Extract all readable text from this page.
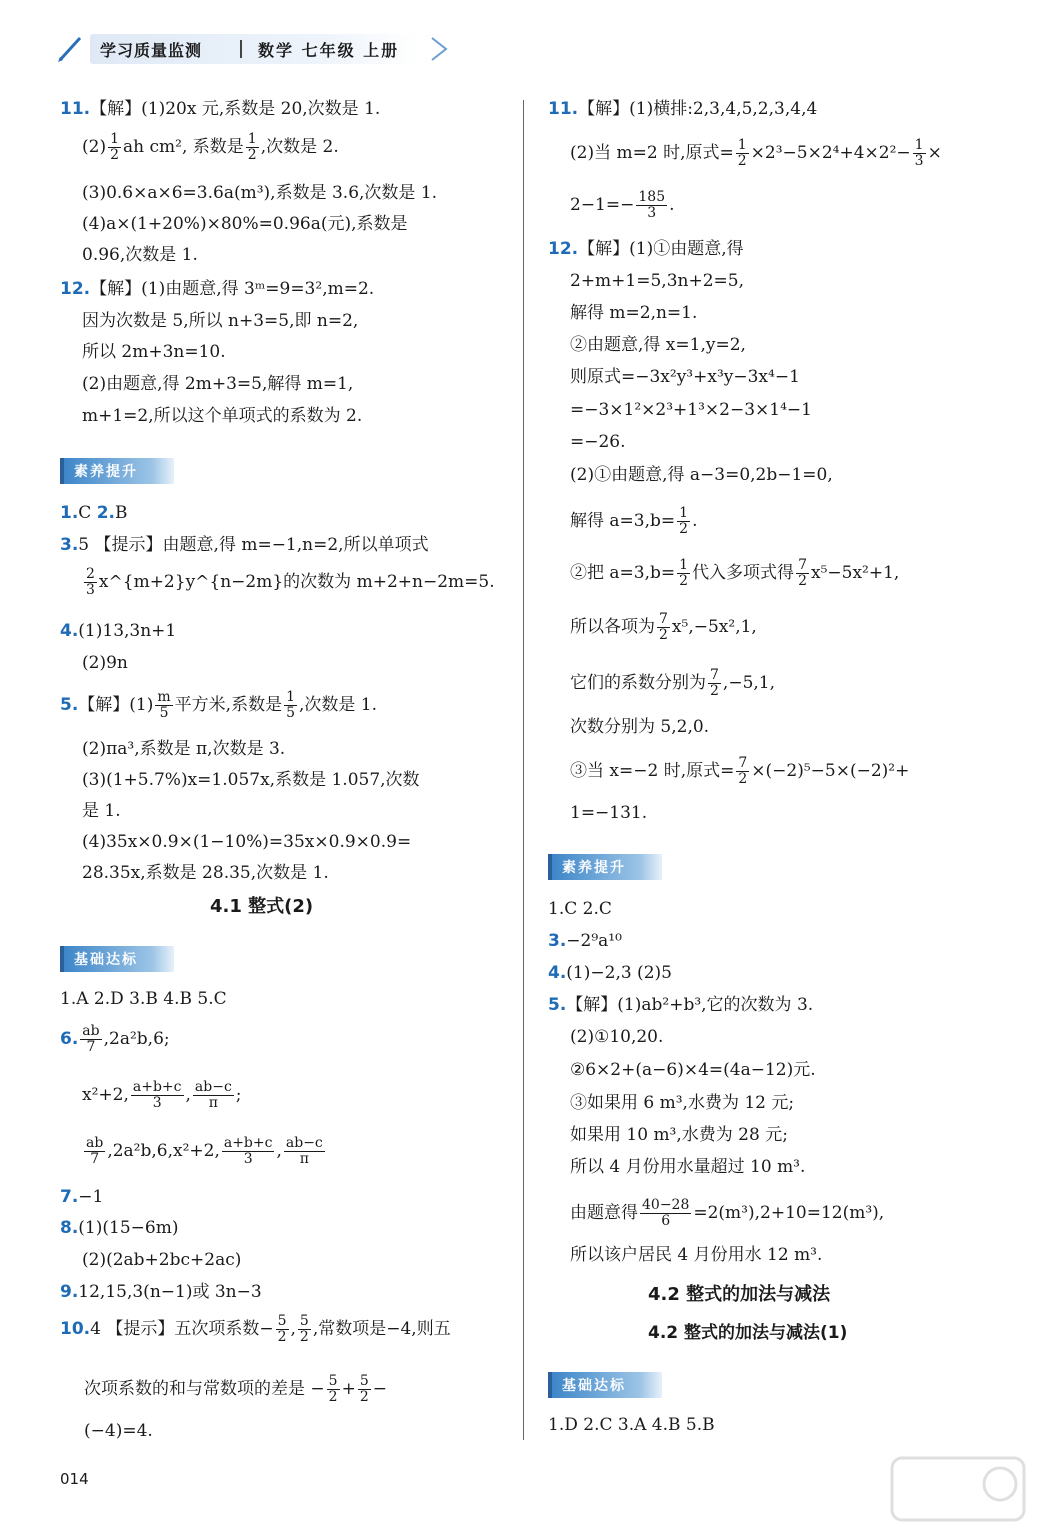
学习质量监测	数学 七年级 上册
11.【解】(1)20x 元,系数是 20,次数是 1.
$(2) \frac{1}{2}$ ah cm², 系数是 $\frac{1}{2}$ ,次数是 2.
(3)0.6×a×6=3.6a(m³),系数是 3.6,次数是 1.
(4)a×(1+20%)×80%=0.96a(元),系数是
0.96,次数是 1.
12.【解】(1)由题意,得 3ᵐ=9=3²,m=2.
因为次数是 5,所以 n+3=5,即 n=2,
所以 2m+3n=10.
(2)由题意,得 2m+3=5,解得 m=1,
m+1=2,所以这个单项式的系数为 2.
素养提升
1.C 2.B
3.5 【提示】由题意,得 m=−1,n=2,所以单项式
$\frac{2}{3}$ x^{m+2}y^{n−2m}的次数为 m+2+n−2m=5.
4.(1)13,3n+1
(2)9n
5.【解】$(1) \frac{m}{5}$ 平方米,系数是 $\frac{1}{5}$ ,次数是 1.
(2)πa³,系数是 π,次数是 3.
(3)(1+5.7%)x=1.057x,系数是 1.057,次数
是 1.
(4)35x×0.9×(1−10%)=35x×0.9×0.9=
28.35x,系数是 28.35,次数是 1.
4.1 整式(2)
基础达标
1.A 2.D 3.B 4.B 5.C
6. $\frac{ab}{7} ,2a^2b,6$;
x²+2, $\frac{a+b+c}{3}$ , $\frac{ab-c}{\pi}$ ;
$\frac{ab}{7} ,2a^2b,6,x^2+2$, $\frac{a+b+c}{3}$ , $\frac{ab-c}{\pi}$
7.−1
8.(1)(15−6m)
(2)(2ab+2bc+2ac)
9.12,15,3(n−1)或 3n−3
10.4 【提示】五次项系数− $\frac{5}{2}$ , $\frac{5}{2}$ ,常数项是−4,则五
次项系数的和与常数项的差是 − $\frac{5}{2} + \frac{5}{2}$ −
(−4)=4.
11.【解】(1)横排:2,3,4,5,2,3,4,4
(2)当 m=2 时,原式= $\frac{1}{2} \times 2^3-5\times 2^4+4\times 2^2- \frac{1}{3}$ ×
$2-1=- \frac{185}{3}$ .
12.【解】(1)①由题意,得
2+m+1=5,3n+2=5,
解得 m=2,n=1.
②由题意,得 x=1,y=2,
则原式=−3x²y³+x³y−3x⁴−1
=−3×1²×2³+1³×2−3×1⁴−1
=−26.
(2)①由题意,得 a−3=0,2b−1=0,
解得 $a=3,b= \frac{1}{2}$ .
②把 $a=3,b= \frac{1}{2}$ 代入多项式得 $\frac{7}{2} x^5-5x^2+1$,
所以各项为 $\frac{7}{2} x^5,-5x^2,1$,
它们的系数分别为 $\frac{7}{2} ,-5,1$,
次数分别为 5,2,0.
③当 x=−2 时,原式= $\frac{7}{2} \times(-2)^5-5\times(-2)^2+$
1=−131.
素养提升
1.C 2.C
3.−2⁹a¹⁰
4.(1)−2,3 (2)5
5.【解】(1)ab²+b³,它的次数为 3.
(2)①10,20.
②6×2+(a−6)×4=(4a−12)元.
③如果用 6 m³,水费为 12 元;
如果用 10 m³,水费为 28 元;
所以 4 月份用水量超过 10 m³.
由题意得 $\frac{40-28}{6} =2(m^3),2+10=12(m^3)$,
所以该户居民 4 月份用水 12 m³.
4.2 整式的加法与减法
4.2 整式的加法与减法(1)
基础达标
1.D 2.C 3.A 4.B 5.B
014
